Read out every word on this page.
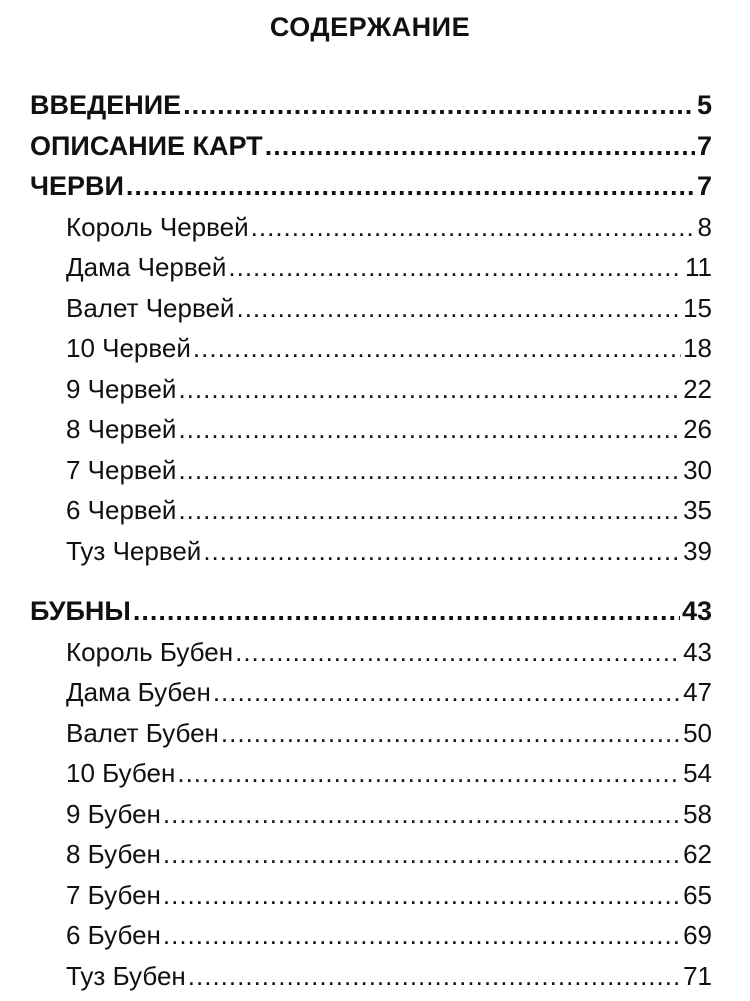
СОДЕРЖАНИЕ
ВВЕДЕНИЕ .....	5
ОПИСАНИЕ КАРТ .....	7
ЧЕРВИ .....	7
Король Червей .....	8
Дама Червей .....	11
Валет Червей .....	15
10 Червей .....	18
9 Червей .....	22
8 Червей .....	26
7 Червей .....	30
6 Червей .....	35
Туз Червей .....	39
БУБНЫ .....	43
Король Бубен .....	43
Дама Бубен .....	47
Валет Бубен .....	50
10 Бубен .....	54
9 Бубен .....	58
8 Бубен .....	62
7 Бубен .....	65
6 Бубен .....	69
Туз Бубен .....	71
